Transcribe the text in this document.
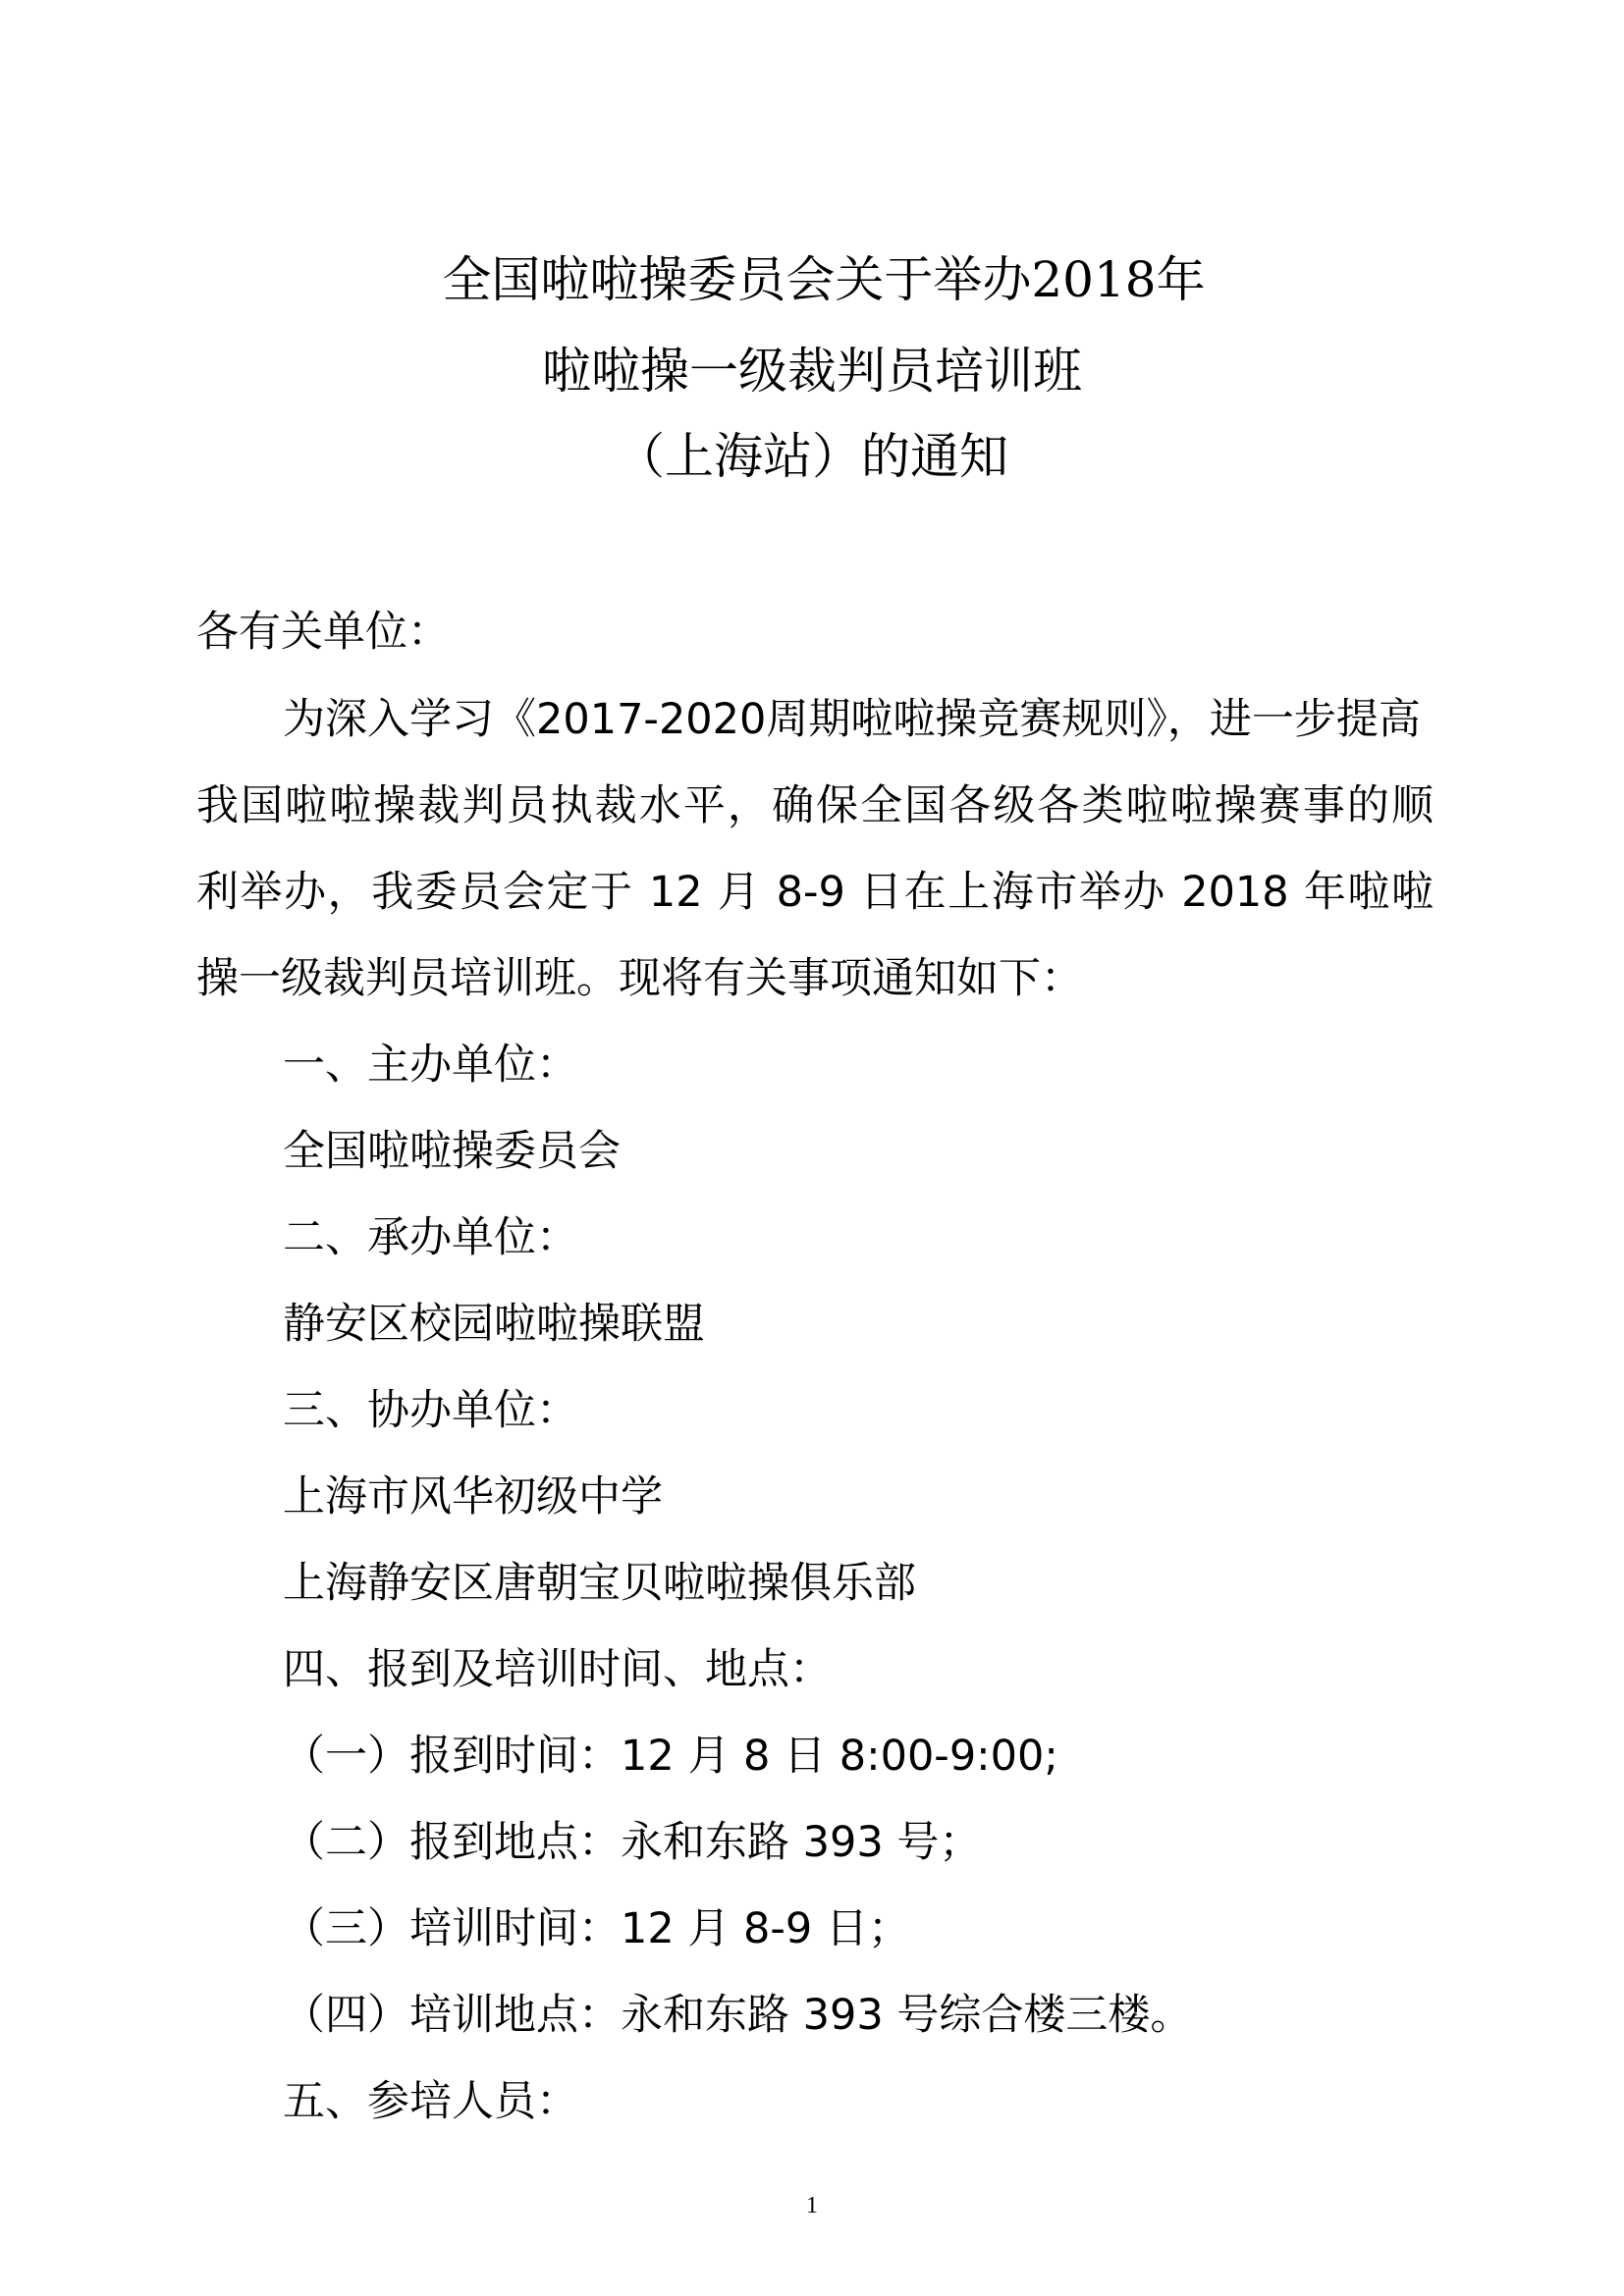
全国啦啦操委员会关于举办2018年
啦啦操一级裁判员培训班
（上海站）的通知
各有关单位：
为深入学习《2017-2020周期啦啦操竞赛规则》，进一步提高
我国啦啦操裁判员执裁水平，确保全国各级各类啦啦操赛事的顺
利举办，我委员会定于 12 月 8-9 日在上海市举办 2018 年啦啦
操一级裁判员培训班。现将有关事项通知如下：
一、主办单位：
全国啦啦操委员会
二、承办单位：
静安区校园啦啦操联盟
三、协办单位：
上海市风华初级中学
上海静安区唐朝宝贝啦啦操俱乐部
四、报到及培训时间、地点：
（一）报到时间：12 月 8 日 8:00-9:00;
（二）报到地点：永和东路 393 号；
（三）培训时间：12 月 8-9 日；
（四）培训地点：永和东路 393 号综合楼三楼。
五、参培人员：
1
